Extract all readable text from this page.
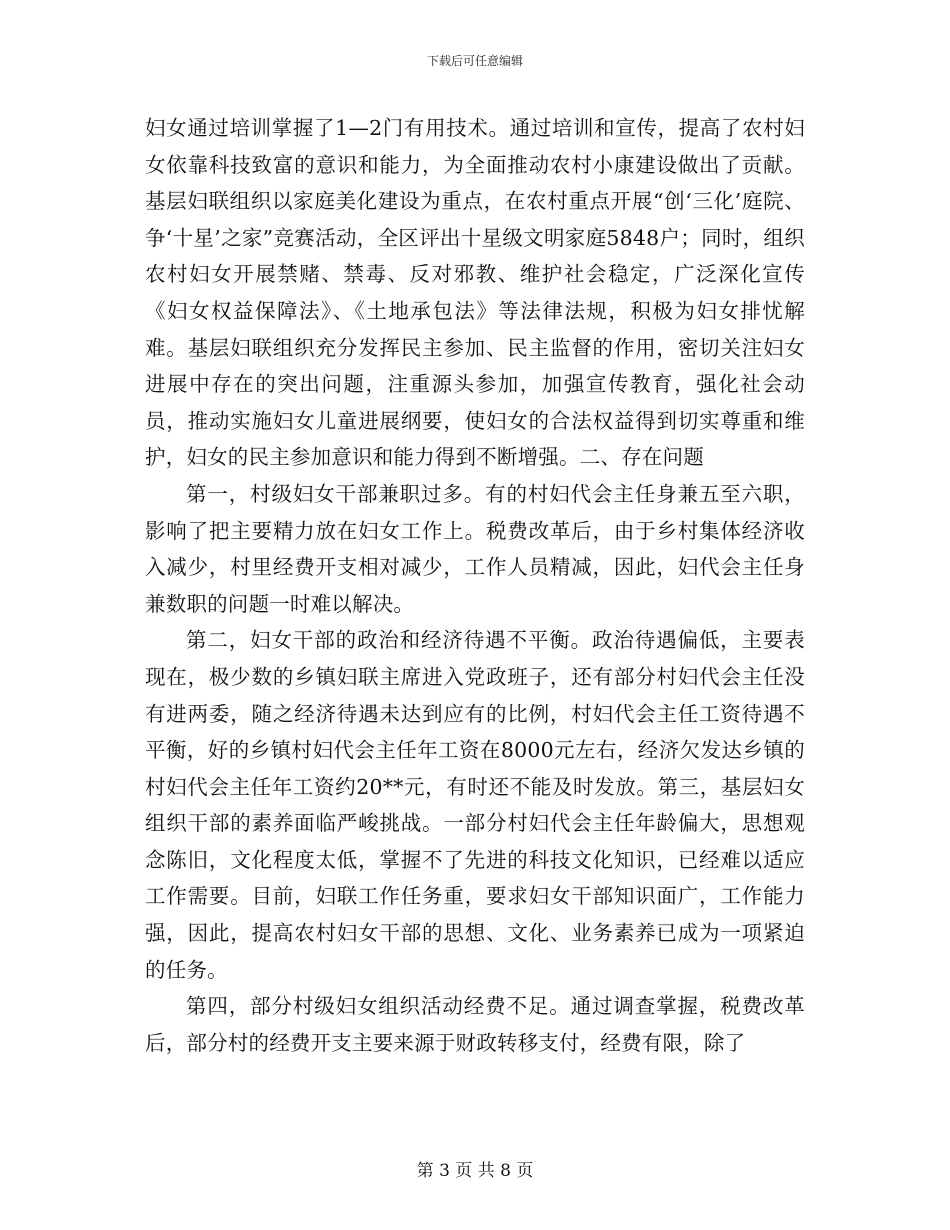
下载后可任意编辑

妇女通过培训掌握了1—2门有用技术。通过培训和宣传，提高了农村妇女依靠科技致富的意识和能力，为全面推动农村小康建设做出了贡献。基层妇联组织以家庭美化建设为重点，在农村重点开展“创‘三化’庭院、争‘十星’之家”竞赛活动，全区评出十星级文明家庭5848户；同时，组织农村妇女开展禁赌、禁毒、反对邪教、维护社会稳定，广泛深化宣传《妇女权益保障法》、《土地承包法》等法律法规，积极为妇女排忧解难。基层妇联组织充分发挥民主参加、民主监督的作用，密切关注妇女进展中存在的突出问题，注重源头参加，加强宣传教育，强化社会动员，推动实施妇女儿童进展纲要，使妇女的合法权益得到切实尊重和维护，妇女的民主参加意识和能力得到不断增强。二、存在问题

第一，村级妇女干部兼职过多。有的村妇代会主任身兼五至六职，影响了把主要精力放在妇女工作上。税费改革后，由于乡村集体经济收入减少，村里经费开支相对减少，工作人员精减，因此，妇代会主任身兼数职的问题一时难以解决。

第二，妇女干部的政治和经济待遇不平衡。政治待遇偏低，主要表现在，极少数的乡镇妇联主席进入党政班子，还有部分村妇代会主任没有进两委，随之经济待遇未达到应有的比例，村妇代会主任工资待遇不平衡，好的乡镇村妇代会主任年工资在8000元左右，经济欠发达乡镇的村妇代会主任年工资约20**元，有时还不能及时发放。第三，基层妇女组织干部的素养面临严峻挑战。一部分村妇代会主任年龄偏大，思想观念陈旧，文化程度太低，掌握不了先进的科技文化知识，已经难以适应工作需要。目前，妇联工作任务重，要求妇女干部知识面广，工作能力强，因此，提高农村妇女干部的思想、文化、业务素养已成为一项紧迫的任务。

第四，部分村级妇女组织活动经费不足。通过调查掌握，税费改革后，部分村的经费开支主要来源于财政转移支付，经费有限，除了

第 3 页 共 8 页
